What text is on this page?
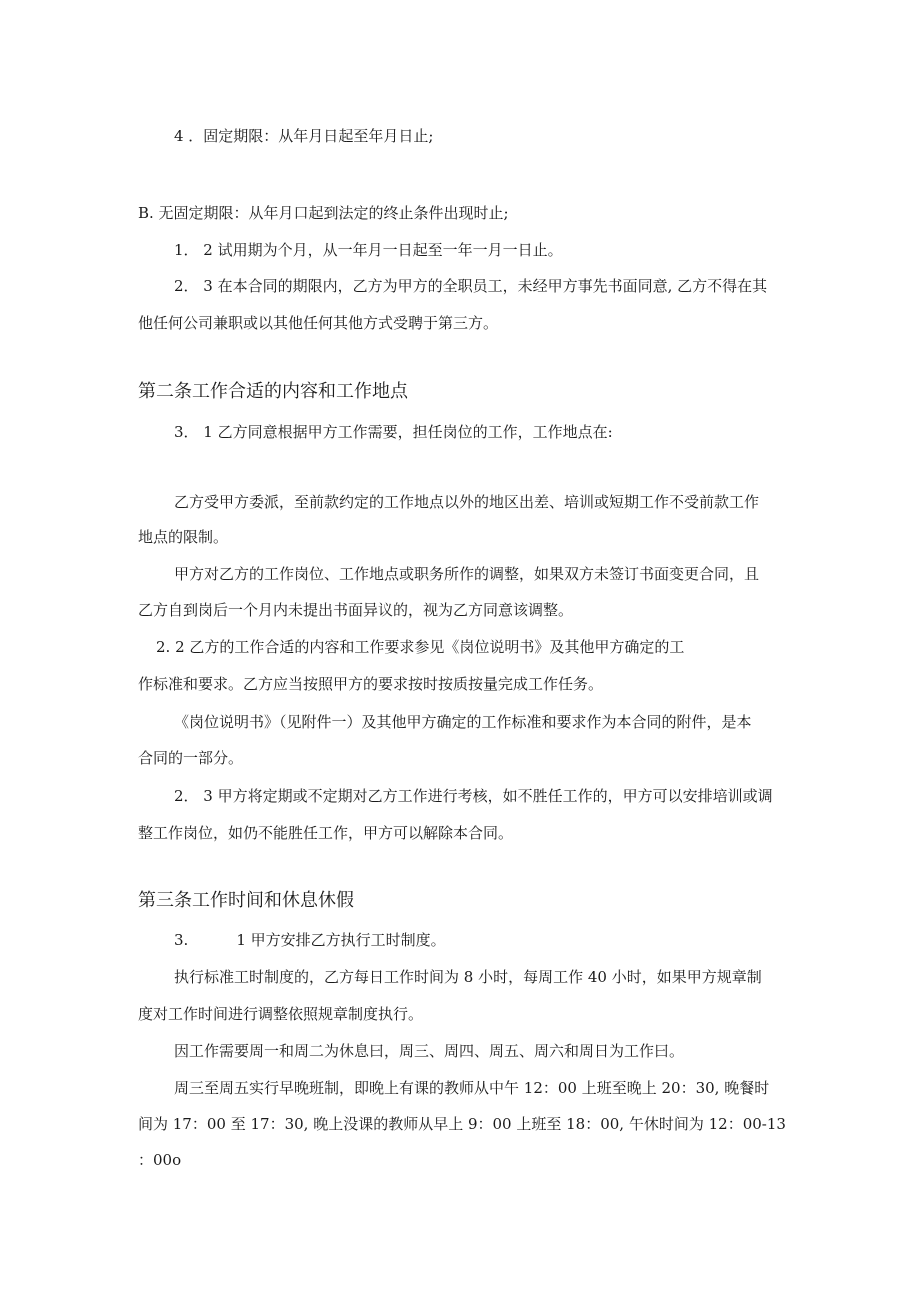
4 ．固定期限：从年月日起至年月日止;
B. 无固定期限：从年月口起到法定的终止条件出现时止;
1． 2 试用期为个月，从一年月一日起至一年一月一日止。
2． 3 在本合同的期限内，乙方为甲方的全职员工，未经甲方事先书面同意, 乙方不得在其
他任何公司兼职或以其他任何其他方式受聘于第三方。
第二条工作合适的内容和工作地点
3． 1 乙方同意根据甲方工作需要，担任岗位的工作，工作地点在:
乙方受甲方委派，至前款约定的工作地点以外的地区出差、培训或短期工作不受前款工作
地点的限制。
甲方对乙方的工作岗位、工作地点或职务所作的调整，如果双方未签订书面变更合同，且
乙方自到岗后一个月内未提出书面异议的，视为乙方同意该调整。
2. 2 乙方的工作合适的内容和工作要求参见《岗位说明书》及其他甲方确定的工
作标准和要求。乙方应当按照甲方的要求按时按质按量完成工作任务。
《岗位说明书》（见附件一）及其他甲方确定的工作标准和要求作为本合同的附件，是本
合同的一部分。
2． 3 甲方将定期或不定期对乙方工作进行考核，如不胜任工作的，甲方可以安排培训或调
整工作岗位，如仍不能胜任工作，甲方可以解除本合同。
第三条工作时间和休息休假
3.	1 甲方安排乙方执行工时制度。
执行标准工时制度的，乙方每日工作时间为 8 小时，每周工作 40 小时，如果甲方规章制
度对工作时间进行调整依照规章制度执行。
因工作需要周一和周二为休息曰，周三、周四、周五、周六和周日为工作曰。
周三至周五实行早晚班制，即晚上有课的教师从中午 12：00 上班至晚上 20：30, 晚餐时
间为 17：00 至 17：30, 晚上没课的教师从早上 9：00 上班至 18：00, 午休时间为 12：00-13
：00o
